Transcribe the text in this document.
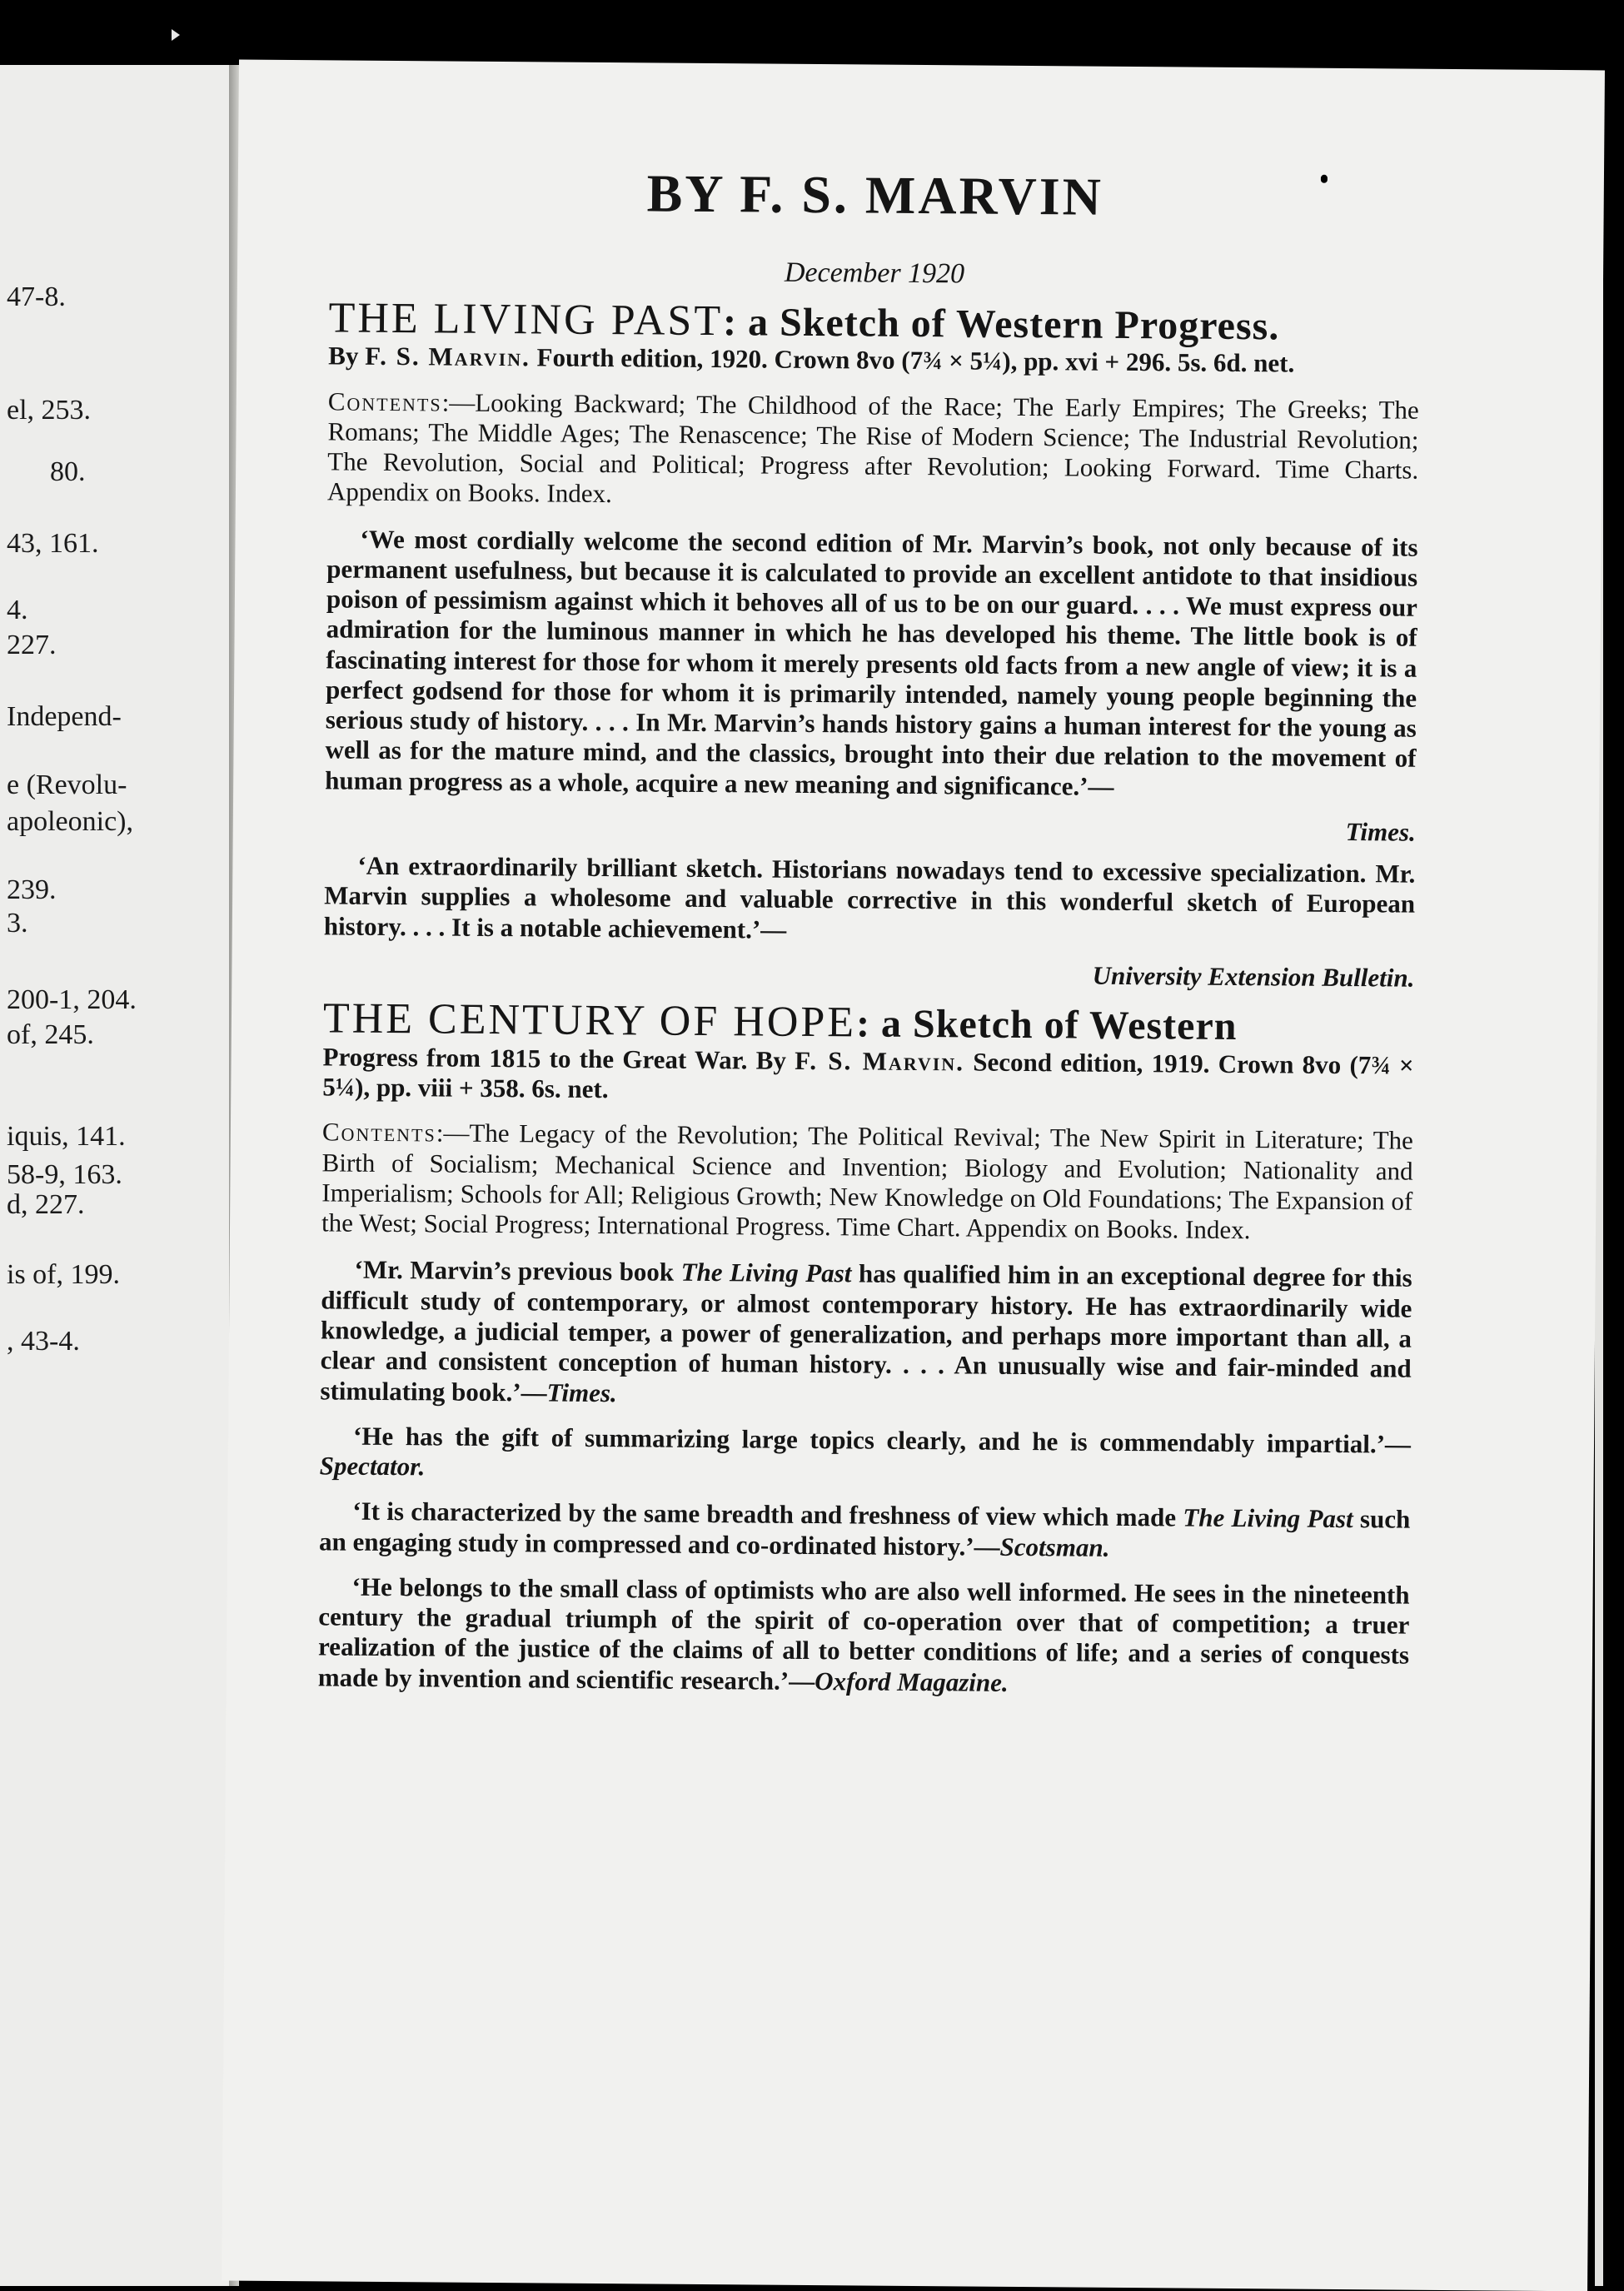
47-8.
el, 253.
80.
43, 161.
4.
227.
Independ-
e (Revolu-
apoleonic),
239.
3.
200-1, 204.
of, 245.
iquis, 141.
58-9, 163.
d, 227.
is of, 199.
, 43-4.
BY F. S. MARVIN
December 1920
THE LIVING PAST: a Sketch of Western Progress.

By F. S. Marvin. Fourth edition, 1920. Crown 8vo (7¾ × 5¼), pp. xvi + 296. 5s. 6d. net.

Contents:—Looking Backward; The Childhood of the Race; The Early Empires; The Greeks; The Romans; The Middle Ages; The Renascence; The Rise of Modern Science; The Industrial Revolution; The Revolution, Social and Political; Progress after Revolution; Looking Forward. Time Charts. Appendix on Books. Index.

‘We most cordially welcome the second edition of Mr. Marvin’s book, not only because of its permanent usefulness, but because it is calculated to provide an excellent antidote to that insidious poison of pessimism against which it behoves all of us to be on our guard. . . . We must express our admiration for the luminous manner in which he has developed his theme. The little book is of fascinating interest for those for whom it merely presents old facts from a new angle of view; it is a perfect godsend for those for whom it is primarily intended, namely young people beginning the serious study of history. . . . In Mr. Marvin’s hands history gains a human interest for the young as well as for the mature mind, and the classics, brought into their due relation to the movement of human progress as a whole, acquire a new meaning and significance.’—

Times.

‘An extraordinarily brilliant sketch. Historians nowadays tend to excessive specialization. Mr. Marvin supplies a wholesome and valuable corrective in this wonderful sketch of European history. . . . It is a notable achievement.’—

University Extension Bulletin.
THE CENTURY OF HOPE: a Sketch of Western

Progress from 1815 to the Great War. By F. S. Marvin. Second edition, 1919. Crown 8vo (7¾ × 5¼), pp. viii + 358. 6s. net.

Contents:—The Legacy of the Revolution; The Political Revival; The New Spirit in Literature; The Birth of Socialism; Mechanical Science and Invention; Biology and Evolution; Nationality and Imperialism; Schools for All; Religious Growth; New Knowledge on Old Foundations; The Expansion of the West; Social Progress; International Progress. Time Chart. Appendix on Books. Index.

‘Mr. Marvin’s previous book The Living Past has qualified him in an exceptional degree for this difficult study of contemporary, or almost contemporary history. He has extraordinarily wide knowledge, a judicial temper, a power of generalization, and perhaps more important than all, a clear and consistent conception of human history. . . . An unusually wise and fair-minded and stimulating book.’—Times.

‘He has the gift of summarizing large topics clearly, and he is commendably impartial.’—Spectator.

‘It is characterized by the same breadth and freshness of view which made The Living Past such an engaging study in compressed and co-ordinated history.’—Scotsman.

‘He belongs to the small class of optimists who are also well informed. He sees in the nineteenth century the gradual triumph of the spirit of co-operation over that of competition; a truer realization of the justice of the claims of all to better conditions of life; and a series of conquests made by invention and scientific research.’—Oxford Magazine.
